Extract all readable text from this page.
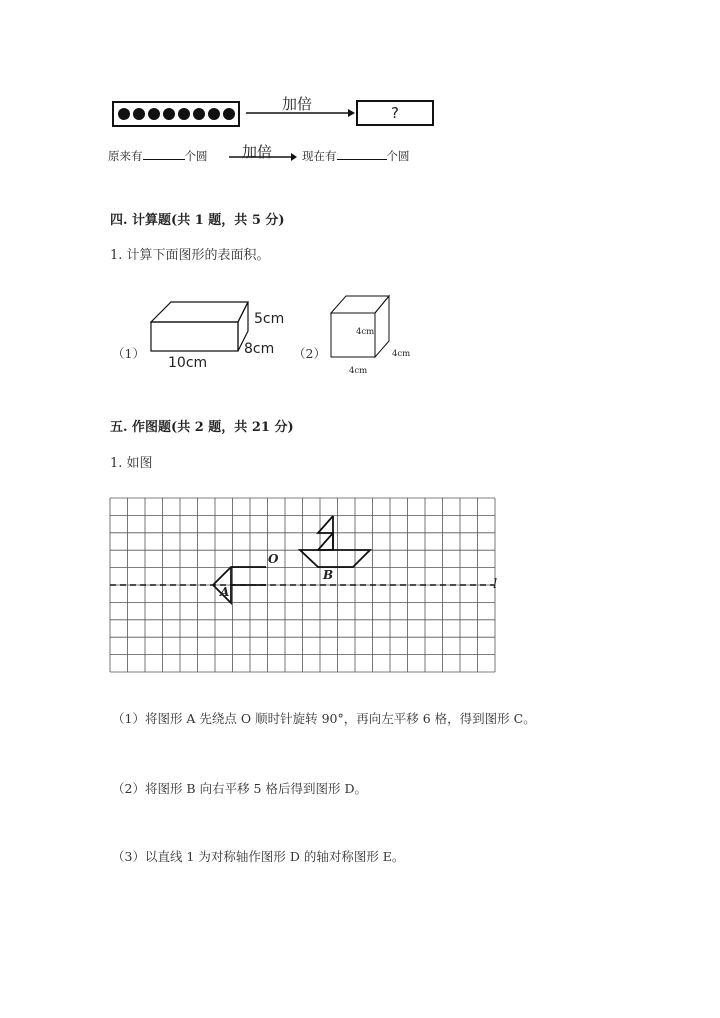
加倍	?
原来有	个圆 加倍	现在有	个圆
四. 计算题(共 1 题，共 5 分)
1. 计算下面图形的表面积。
（1）
5cm
8cm
10cm
（2）
4cm
4cm
4cm
五. 作图题(共 2 题，共 21 分)
1. 如图
O
A
B
l
（1）将图形 A 先绕点 O 顺时针旋转 90°，再向左平移 6 格，得到图形 C。
（2）将图形 B 向右平移 5 格后得到图形 D。
（3）以直线 1 为对称轴作图形 D 的轴对称图形 E。
